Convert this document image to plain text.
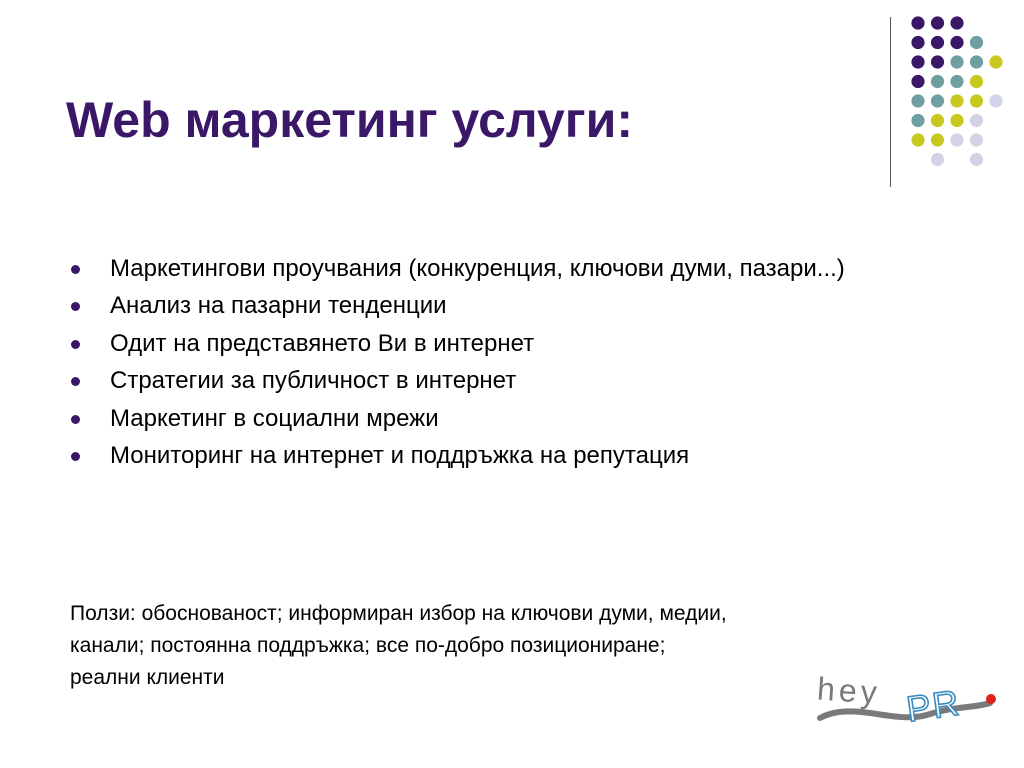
Web маркетинг услуги:
Маркетингови проучвания (конкуренция, ключови думи, пазари...)
Анализ на пазарни тенденции
Одит на представянето Ви в интернет
Стратегии за публичност в интернет
Маркетинг в социални мрежи
Мониторинг на интернет и поддръжка на репутация

Ползи: обоснованост; информиран избор на ключови думи, медии,
канали; постоянна поддръжка; все по-добро позициониране;
реални клиенти	hey PR
